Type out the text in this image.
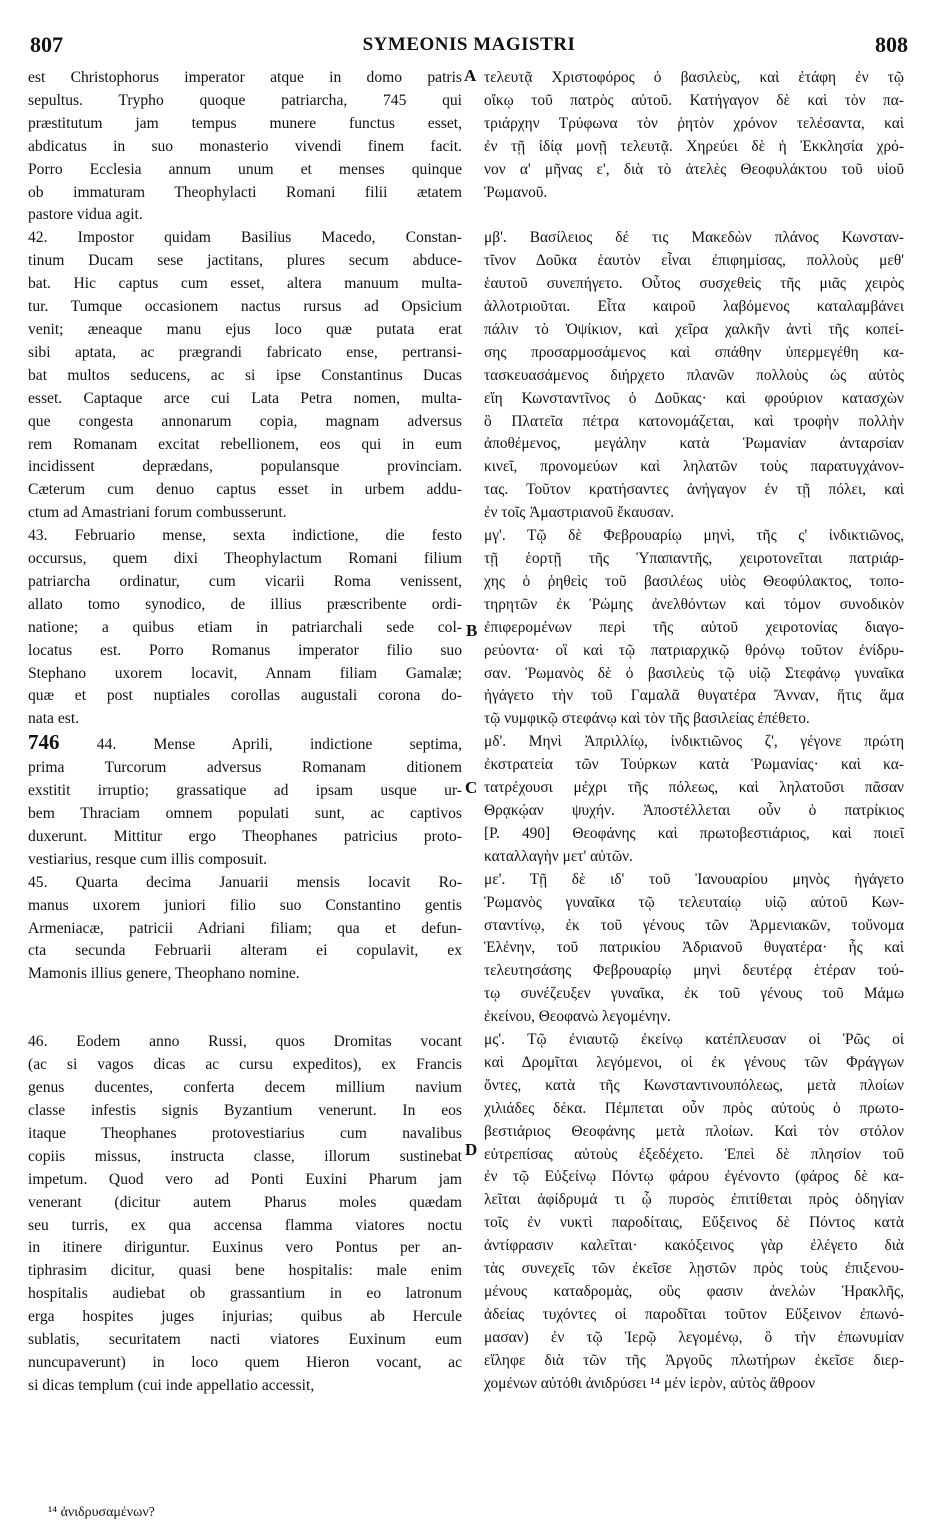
807	SYMEONIS MAGISTRI	808
A
B
C
D
est Christophorus imperator atque in domo patris
sepultus. Trypho quoque patriarcha, 745 qui
præstitutum jam tempus munere functus esset,
abdicatus in suo monasterio vivendi finem facit.
Porro Ecclesia annum unum et menses quinque
ob immaturam Theophylacti Romani filii ætatem
pastore vidua agit.
42. Impostor quidam Basilius Macedo, Constan-
tinum Ducam sese jactitans, plures secum abduce-
bat. Hic captus cum esset, altera manuum multa-
tur. Tumque occasionem nactus rursus ad Opsicium
venit; æneaque manu ejus loco quæ putata erat
sibi aptata, ac prægrandi fabricato ense, pertransi-
bat multos seducens, ac si ipse Constantinus Ducas
esset. Captaque arce cui Lata Petra nomen, multa-
que congesta annonarum copia, magnam adversus
rem Romanam excitat rebellionem, eos qui in eum
incidissent deprædans, populansque provinciam.
Cæterum cum denuo captus esset in urbem addu-
ctum ad Amastriani forum combusserunt.
43. Februario mense, sexta indictione, die festo
occursus, quem dixi Theophylactum Romani filium
patriarcha ordinatur, cum vicarii Roma venissent,
allato tomo synodico, de illius præscribente ordi-
natione; a quibus etiam in patriarchali sede col-
locatus est. Porro Romanus imperator filio suo
Stephano uxorem locavit, Annam filiam Gamalæ;
quæ et post nuptiales corollas augustali corona do-
nata est.
746 44. Mense Aprili, indictione septima,
prima Turcorum adversus Romanam ditionem
exstitit irruptio; grassatique ad ipsam usque ur-
bem Thraciam omnem populati sunt, ac captivos
duxerunt. Mittitur ergo Theophanes patricius proto-
vestiarius, resque cum illis composuit.
45. Quarta decima Januarii mensis locavit Ro-
manus uxorem juniori filio suo Constantino gentis
Armeniacæ, patricii Adriani filiam; qua et defun-
cta secunda Februarii alteram ei copulavit, ex
Mamonis illius genere, Theophano nomine.
46. Eodem anno Russi, quos Dromitas vocant
(ac si vagos dicas ac cursu expeditos), ex Francis
genus ducentes, conferta decem millium navium
classe infestis signis Byzantium venerunt. In eos
itaque Theophanes protovestiarius cum navalibus
copiis missus, instructa classe, illorum sustinebat
impetum. Quod vero ad Ponti Euxini Pharum jam
venerant (dicitur autem Pharus moles quædam
seu turris, ex qua accensa flamma viatores noctu
in itinere diriguntur. Euxinus vero Pontus per an-
tiphrasim dicitur, quasi bene hospitalis: male enim
hospitalis audiebat ob grassantium in eo latronum
erga hospites juges injurias; quibus ab Hercule
sublatis, securitatem nacti viatores Euxinum eum
nuncupaverunt) in loco quem Hieron vocant, ac
si dicas templum (cui inde appellatio accessit,
τελευτᾷ Χριστοφόρος ὁ βασιλεὺς, καὶ ἐτάφη ἐν τῷ
οἴκῳ τοῦ πατρὸς αὐτοῦ. Κατήγαγον δὲ καὶ τὸν πα-
τριάρχην Τρύφωνα τὸν ῥητὸν χρόνον τελέσαντα, καὶ
ἐν τῇ ἰδίᾳ μονῇ τελευτᾷ. Χηρεύει δὲ ἡ Ἐκκλησία χρό-
νον α' μῆνας ε', διὰ τὸ ἀτελὲς Θεοφυλάκτου τοῦ υἱοῦ
Ῥωμανοῦ.
μβ'. Βασίλειος δέ τις Μακεδὼν πλάνος Κωνσταν-
τῖνον Δοῦκα ἑαυτὸν εἶναι ἐπιφημίσας, πολλοὺς μεθ'
ἑαυτοῦ συνεπήγετο. Οὗτος συσχεθεὶς τῆς μιᾶς χειρὸς
ἀλλοτριοῦται. Εἶτα καιροῦ λαβόμενος καταλαμβάνει
πάλιν τὸ Ὀψίκιον, καὶ χεῖρα χαλκῆν ἀντὶ τῆς κοπεί-
σης προσαρμοσάμενος καὶ σπάθην ὑπερμεγέθη κα-
τασκευασάμενος διήρχετο πλανῶν πολλοὺς ὡς αὐτὸς
εἴη Κωνσταντῖνος ὁ Δοῦκας· καὶ φρούριον κατασχὼν
ὃ Πλατεῖα πέτρα κατονομάζεται, καὶ τροφὴν πολλὴν
ἀποθέμενος, μεγάλην κατὰ Ῥωμανίαν ἀνταρσίαν
κινεῖ, προνομεύων καὶ ληλατῶν τοὺς παρατυγχάνον-
τας. Τοῦτον κρατήσαντες ἀνήγαγον ἐν τῇ πόλει, καὶ
ἐν τοῖς Ἀμαστριανοῦ ἔκαυσαν.
μγ'. Τῷ δὲ Φεβρουαρίῳ μηνὶ, τῆς ς' ἰνδικτιῶνος,
τῇ ἑορτῇ τῆς Ὑπαπαντῆς, χειροτονεῖται πατριάρ-
χης ὁ ῥηθεὶς τοῦ βασιλέως υἱὸς Θεοφύλακτος, τοπο-
τηρητῶν ἐκ Ῥώμης ἀνελθόντων καὶ τόμον συνοδικὸν
ἐπιφερομένων περὶ τῆς αὐτοῦ χειροτονίας διαγο-
ρεύοντα· οἳ καὶ τῷ πατριαρχικῷ θρόνῳ τοῦτον ἐνίδρυ-
σαν. Ῥωμανὸς δὲ ὁ βασιλεὺς τῷ υἱῷ Στεφάνῳ γυναῖκα
ἠγάγετο τὴν τοῦ Γαμαλᾶ θυγατέρα Ἄνναν, ἥτις ἅμα
τῷ νυμφικῷ στεφάνῳ καὶ τὸν τῆς βασιλείας ἐπέθετο.
μδ'. Μηνὶ Ἀπριλλίῳ, ἰνδικτιῶνος ζ', γέγονε πρώτη
ἐκστρατεία τῶν Τούρκων κατὰ Ῥωμανίας· καὶ κα-
τατρέχουσι μέχρι τῆς πόλεως, καὶ ληλατοῦσι πᾶσαν
Θρᾳκῴαν ψυχήν. Ἀποστέλλεται οὖν ὁ πατρίκιος
[P. 490] Θεοφάνης καὶ πρωτοβεστιάριος, καὶ ποιεῖ
καταλλαγὴν μετ' αὐτῶν.
με'. Τῇ δὲ ιδ' τοῦ Ἰανουαρίου μηνὸς ἠγάγετο
Ῥωμανὸς γυναῖκα τῷ τελευταίῳ υἱῷ αὐτοῦ Κων-
σταντίνῳ, ἐκ τοῦ γένους τῶν Ἀρμενιακῶν, τοὔνομα
Ἑλένην, τοῦ πατρικίου Ἀδριανοῦ θυγατέρα· ἧς καὶ
τελευτησάσης Φεβρουαρίῳ μηνὶ δευτέρᾳ ἑτέραν τού-
τῳ συνέζευξεν γυναῖκα, ἐκ τοῦ γένους τοῦ Μάμω
ἐκείνου, Θεοφανὼ λεγομένην.
μς'. Τῷ ἐνιαυτῷ ἐκείνῳ κατέπλευσαν οἱ Ῥῶς οἱ
καὶ Δρομῖται λεγόμενοι, οἱ ἐκ γένους τῶν Φράγγων
ὄντες, κατὰ τῆς Κωνσταντινουπόλεως, μετὰ πλοίων
χιλιάδες δέκα. Πέμπεται οὖν πρὸς αὐτοὺς ὁ πρωτο-
βεστιάριος Θεοφάνης μετὰ πλοίων. Καὶ τὸν στόλον
εὐτρεπίσας αὐτοὺς ἐξεδέχετο. Ἐπεὶ δὲ πλησίον τοῦ
ἐν τῷ Εὐξείνῳ Πόντῳ φάρου ἐγένοντο (φάρος δὲ κα-
λεῖται ἀφίδρυμά τι ᾧ πυρσὸς ἐπιτίθεται πρὸς ὁδηγίαν
τοῖς ἐν νυκτὶ παροδίταις, Εὔξεινος δὲ Πόντος κατὰ
ἀντίφρασιν καλεῖται· κακόξεινος γὰρ ἐλέγετο διὰ
τὰς συνεχεῖς τῶν ἐκεῖσε λῃστῶν πρὸς τοὺς ἐπιξενου-
μένους καταδρομὰς, οὓς φασιν ἀνελὼν Ἡρακλῆς,
ἀδείας τυχόντες οἱ παροδῖται τοῦτον Εὔξεινον ἐπωνό-
μασαν) ἐν τῷ Ἱερῷ λεγομένῳ, ὃ τὴν ἐπωνυμίαν
εἴληφε διὰ τῶν τῆς Ἀργοῦς πλωτήρων ἐκεῖσε διερ-
χομένων αὐτόθι ἀνιδρύσει ¹⁴ μέν ἱερὸν, αὐτὸς ἄθροον
¹⁴ ἀνιδρυσαμένων?
